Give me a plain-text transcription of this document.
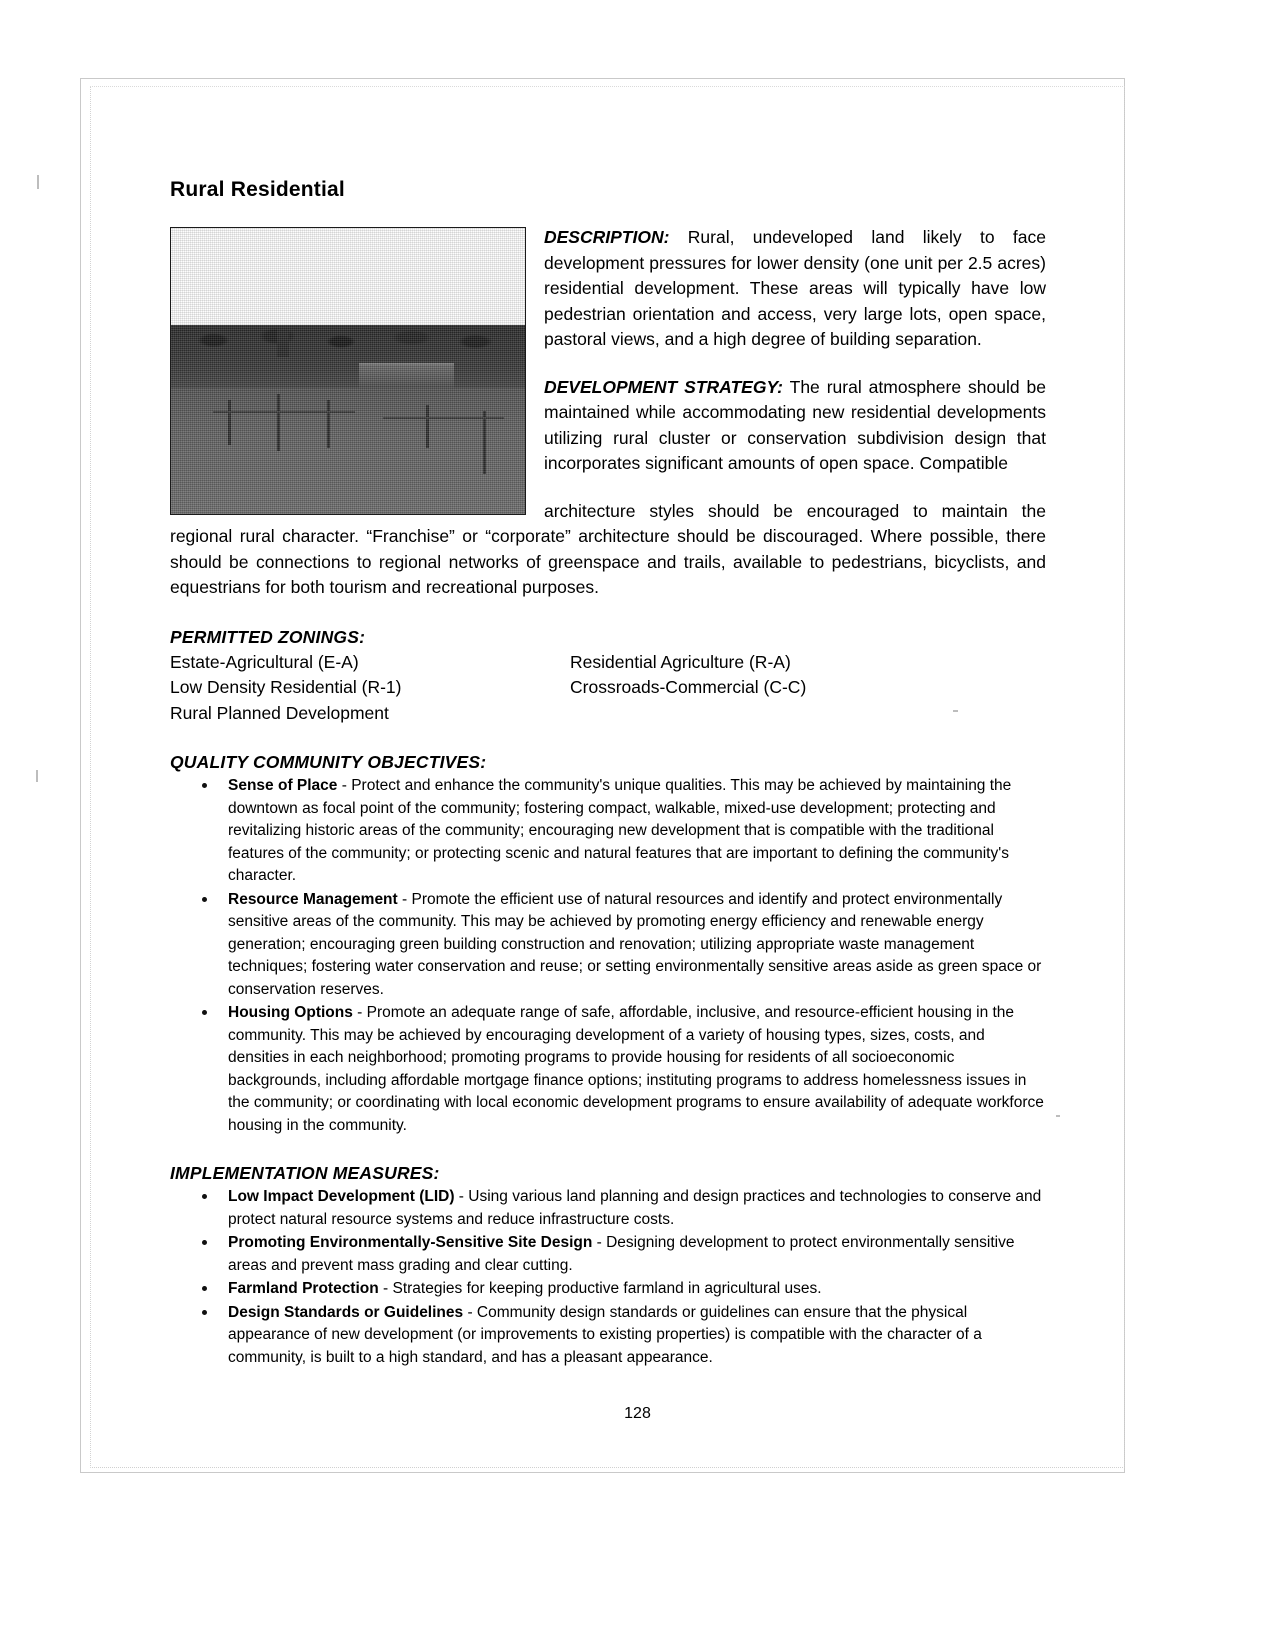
Rural Residential

DESCRIPTION: Rural, undeveloped land likely to face development pressures for lower density (one unit per 2.5 acres) residential development. These areas will typically have low pedestrian orientation and access, very large lots, open space, pastoral views, and a high degree of building separation.

DEVELOPMENT STRATEGY: The rural atmosphere should be maintained while accommodating new residential developments utilizing rural cluster or conservation subdivision design that incorporates significant amounts of open space. Compatible

architecture styles should be encouraged to maintain the regional rural character. “Franchise” or “corporate” architecture should be discouraged. Where possible, there should be connections to regional networks of greenspace and trails, available to pedestrians, bicyclists, and equestrians for both tourism and recreational purposes.

PERMITTED ZONINGS:
Estate-Agricultural (E-A)	Residential Agriculture (R-A)
Low Density Residential (R-1)	Crossroads-Commercial (C-C)
Rural Planned Development
QUALITY COMMUNITY OBJECTIVES:
Sense of Place - Protect and enhance the community's unique qualities. This may be achieved by maintaining the downtown as focal point of the community; fostering compact, walkable, mixed-use development; protecting and revitalizing historic areas of the community; encouraging new development that is compatible with the traditional features of the community; or protecting scenic and natural features that are important to defining the community's character.
Resource Management - Promote the efficient use of natural resources and identify and protect environmentally sensitive areas of the community. This may be achieved by promoting energy efficiency and renewable energy generation; encouraging green building construction and renovation; utilizing appropriate waste management techniques; fostering water conservation and reuse; or setting environmentally sensitive areas aside as green space or conservation reserves.
Housing Options - Promote an adequate range of safe, affordable, inclusive, and resource-efficient housing in the community. This may be achieved by encouraging development of a variety of housing types, sizes, costs, and densities in each neighborhood; promoting programs to provide housing for residents of all socioeconomic backgrounds, including affordable mortgage finance options; instituting programs to address homelessness issues in the community; or coordinating with local economic development programs to ensure availability of adequate workforce housing in the community.
IMPLEMENTATION MEASURES:
Low Impact Development (LID) - Using various land planning and design practices and technologies to conserve and protect natural resource systems and reduce infrastructure costs.
Promoting Environmentally-Sensitive Site Design - Designing development to protect environmentally sensitive areas and prevent mass grading and clear cutting.
Farmland Protection - Strategies for keeping productive farmland in agricultural uses.
Design Standards or Guidelines - Community design standards or guidelines can ensure that the physical appearance of new development (or improvements to existing properties) is compatible with the character of a community, is built to a high standard, and has a pleasant appearance.
128
